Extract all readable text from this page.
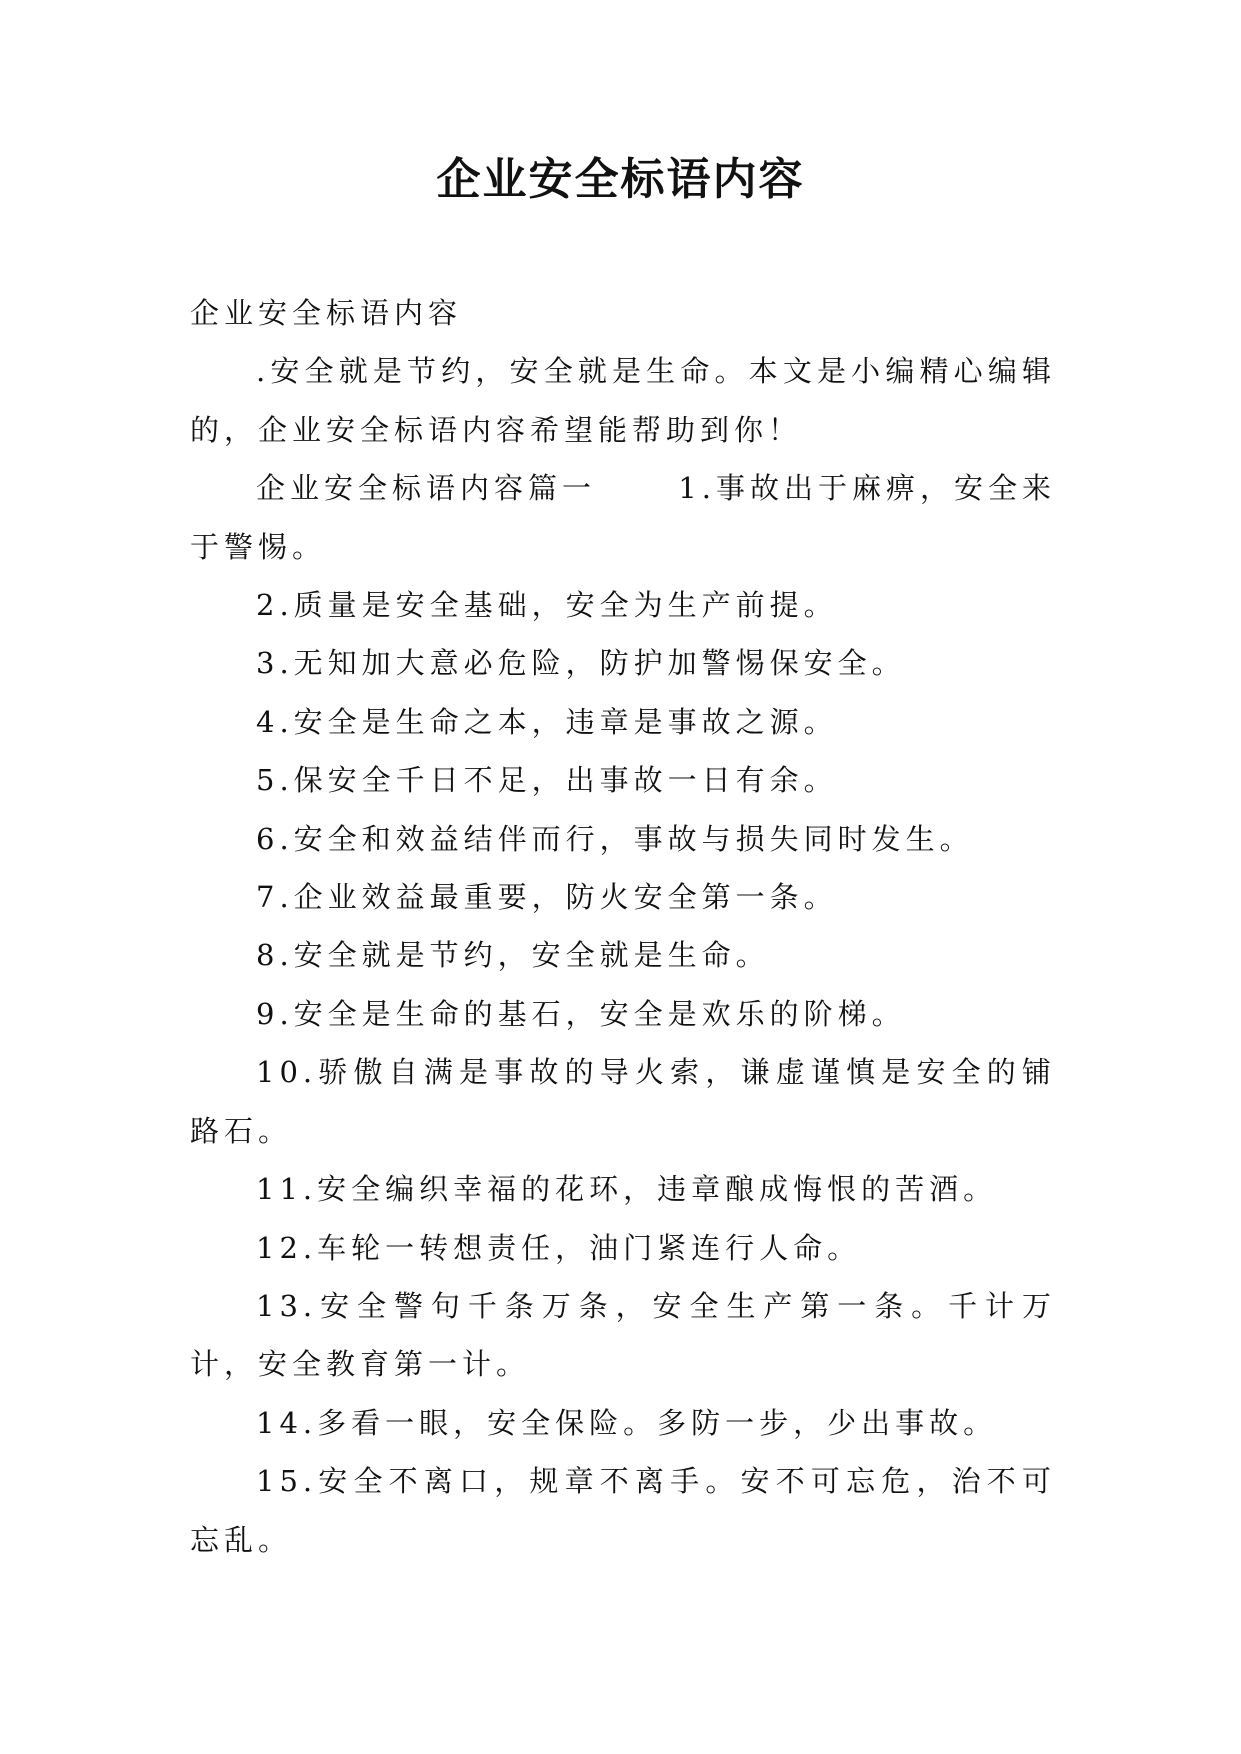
企业安全标语内容

企业安全标语内容

.安全就是节约，安全就是生命。本文是小编精心编辑的，企业安全标语内容希望能帮助到你！

企业安全标语内容篇一　　 1.事故出于麻痹，安全来于警惕。

2.质量是安全基础，安全为生产前提。

3.无知加大意必危险，防护加警惕保安全。

4.安全是生命之本，违章是事故之源。

5.保安全千日不足，出事故一日有余。

6.安全和效益结伴而行，事故与损失同时发生。

7.企业效益最重要，防火安全第一条。

8.安全就是节约，安全就是生命。

9.安全是生命的基石，安全是欢乐的阶梯。

10.骄傲自满是事故的导火索，谦虚谨慎是安全的铺路石。

11.安全编织幸福的花环，违章酿成悔恨的苦酒。

12.车轮一转想责任，油门紧连行人命。

13.安全警句千条万条，安全生产第一条。千计万计，安全教育第一计。

14.多看一眼，安全保险。多防一步，少出事故。

15.安全不离口，规章不离手。安不可忘危，治不可忘乱。
